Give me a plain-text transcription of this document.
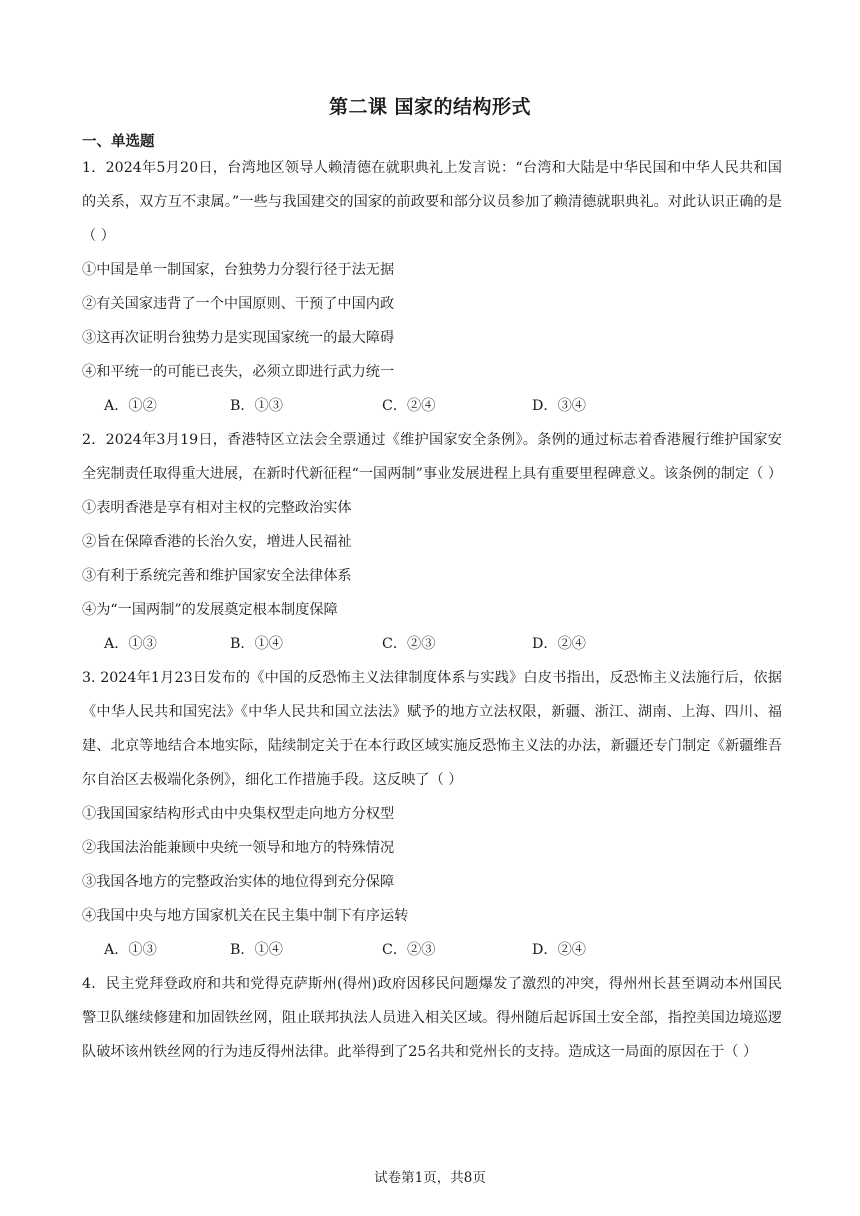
第二课 国家的结构形式
一、单选题
1．2024年5月20日，台湾地区领导人赖清德在就职典礼上发言说：“台湾和大陆是中华民国和中华人民共和国的关系，双方互不隶属。”一些与我国建交的国家的前政要和部分议员参加了赖清德就职典礼。对此认识正确的是（ ）
①中国是单一制国家，台独势力分裂行径于法无据
②有关国家违背了一个中国原则、干预了中国内政
③这再次证明台独势力是实现国家统一的最大障碍
④和平统一的可能已丧失，必须立即进行武力统一
A．①②	B．①③	C．②④	D．③④
2．2024年3月19日，香港特区立法会全票通过《维护国家安全条例》。条例的通过标志着香港履行维护国家安全宪制责任取得重大进展，在新时代新征程“一国两制”事业发展进程上具有重要里程碑意义。该条例的制定（ ）
①表明香港是享有相对主权的完整政治实体
②旨在保障香港的长治久安，增进人民福祉
③有利于系统完善和维护国家安全法律体系
④为“一国两制”的发展奠定根本制度保障
A．①③	B．①④	C．②③	D．②④
3. 2024年1月23日发布的《中国的反恐怖主义法律制度体系与实践》白皮书指出，反恐怖主义法施行后，依据《中华人民共和国宪法》《中华人民共和国立法法》赋予的地方立法权限，新疆、浙江、湖南、上海、四川、福建、北京等地结合本地实际，陆续制定关于在本行政区域实施反恐怖主义法的办法，新疆还专门制定《新疆维吾尔自治区去极端化条例》，细化工作措施手段。这反映了（ ）
①我国国家结构形式由中央集权型走向地方分权型
②我国法治能兼顾中央统一领导和地方的特殊情况
③我国各地方的完整政治实体的地位得到充分保障
④我国中央与地方国家机关在民主集中制下有序运转
A．①③	B．①④	C．②③	D．②④
4．民主党拜登政府和共和党得克萨斯州(得州)政府因移民问题爆发了激烈的冲突，得州州长甚至调动本州国民警卫队继续修建和加固铁丝网，阻止联邦执法人员进入相关区域。得州随后起诉国土安全部，指控美国边境巡逻队破坏该州铁丝网的行为违反得州法律。此举得到了25名共和党州长的支持。造成这一局面的原因在于（ ）
试卷第1页，共8页
